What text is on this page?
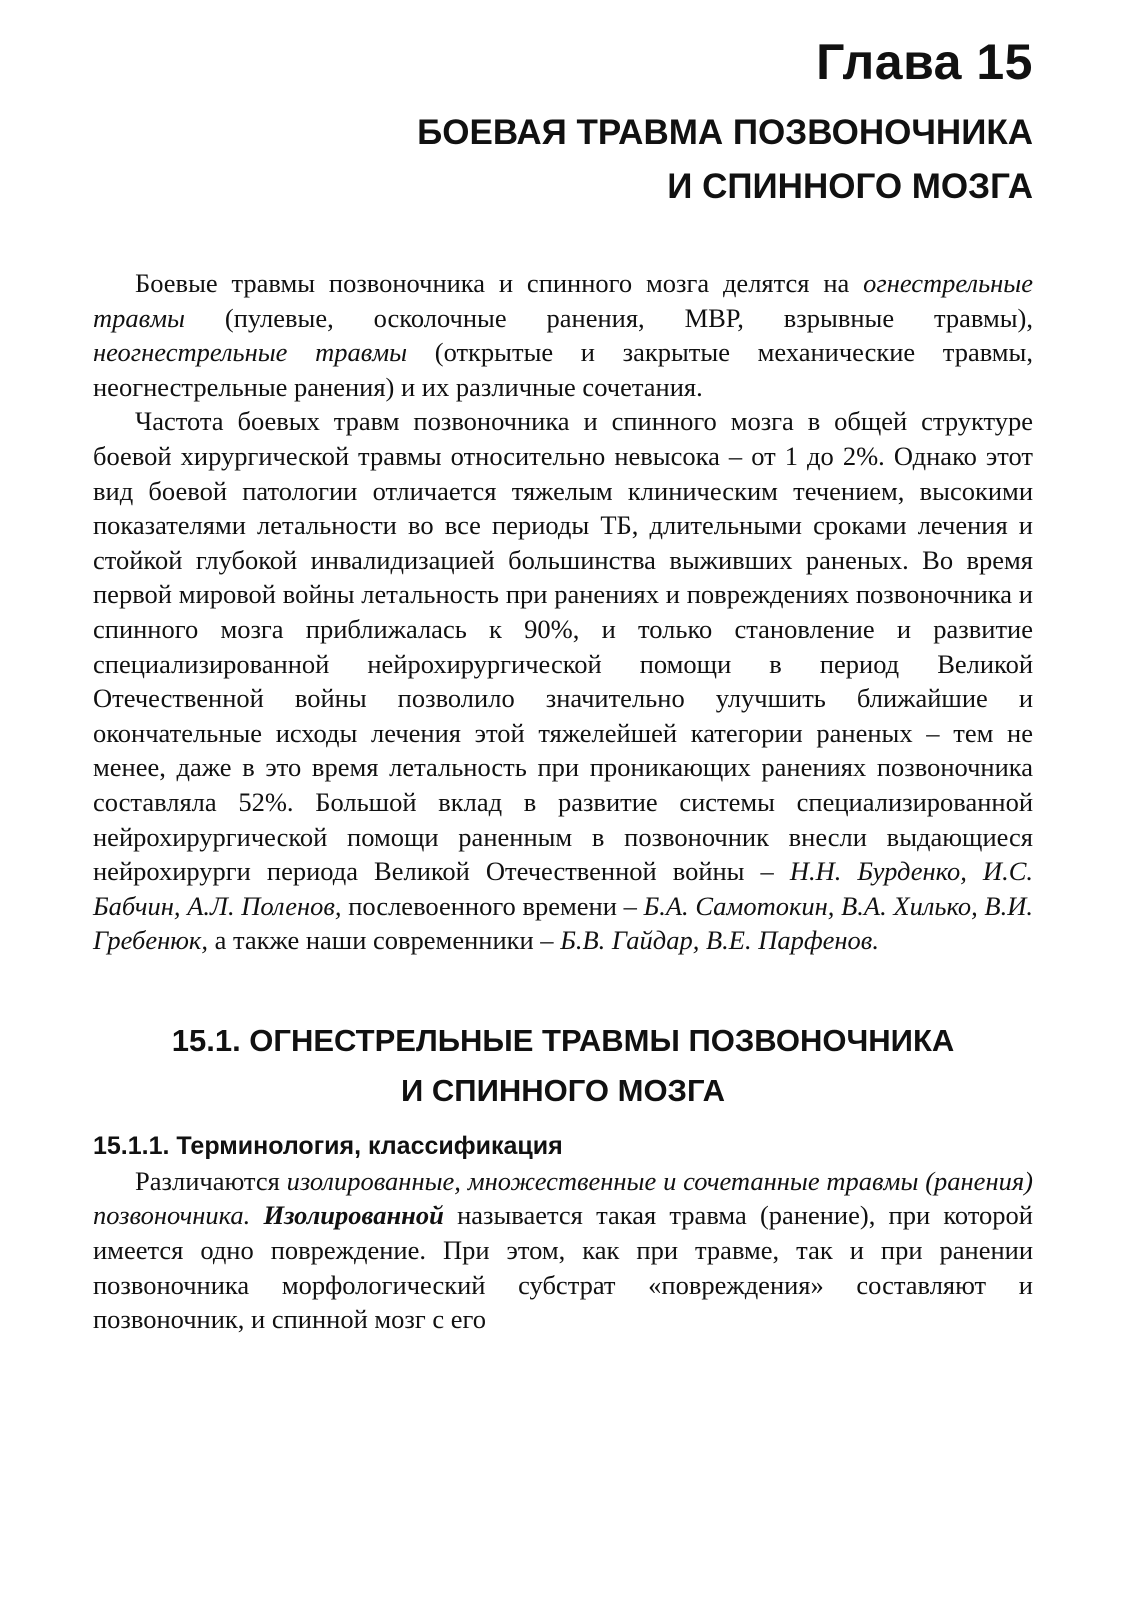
Глава 15
БОЕВАЯ ТРАВМА ПОЗВОНОЧНИКА
И СПИННОГО МОЗГА

Боевые травмы позвоночника и спинного мозга делятся на огнестрельные травмы (пулевые, осколочные ранения, МВР, взрывные травмы), неогнестрельные травмы (открытые и закрытые механические травмы, неогнестрельные ранения) и их различные сочетания.

Частота боевых травм позвоночника и спинного мозга в общей структуре боевой хирургической травмы относительно невысока – от 1 до 2%. Однако этот вид боевой патологии отличается тяжелым клиническим течением, высокими показателями летальности во все периоды ТБ, длительными сроками лечения и стойкой глубокой инвалидизацией большинства выживших раненых. Во время первой мировой войны летальность при ранениях и повреждениях позвоночника и спинного мозга приближалась к 90%, и только становление и развитие специализированной нейрохирургической помощи в период Великой Отечественной войны позволило значительно улучшить ближайшие и окончательные исходы лечения этой тяжелейшей категории раненых – тем не менее, даже в это время летальность при проникающих ранениях позвоночника составляла 52%. Большой вклад в развитие системы специализированной нейрохирургической помощи раненным в позвоночник внесли выдающиеся нейрохирурги периода Великой Отечественной войны – Н.Н. Бурденко, И.С. Бабчин, А.Л. Поленов, послевоенного времени – Б.А. Самотокин, В.А. Хилько, В.И. Гребенюк, а также наши современники – Б.В. Гайдар, В.Е. Парфенов.

15.1. ОГНЕСТРЕЛЬНЫЕ ТРАВМЫ ПОЗВОНОЧНИКА
И СПИННОГО МОЗГА
15.1.1. Терминология, классификация

Различаются изолированные, множественные и сочетанные травмы (ранения) позвоночника. Изолированной называется такая травма (ранение), при которой имеется одно повреждение. При этом, как при травме, так и при ранении позвоночника морфологический субстрат «повреждения» составляют и позвоночник, и спинной мозг с его
